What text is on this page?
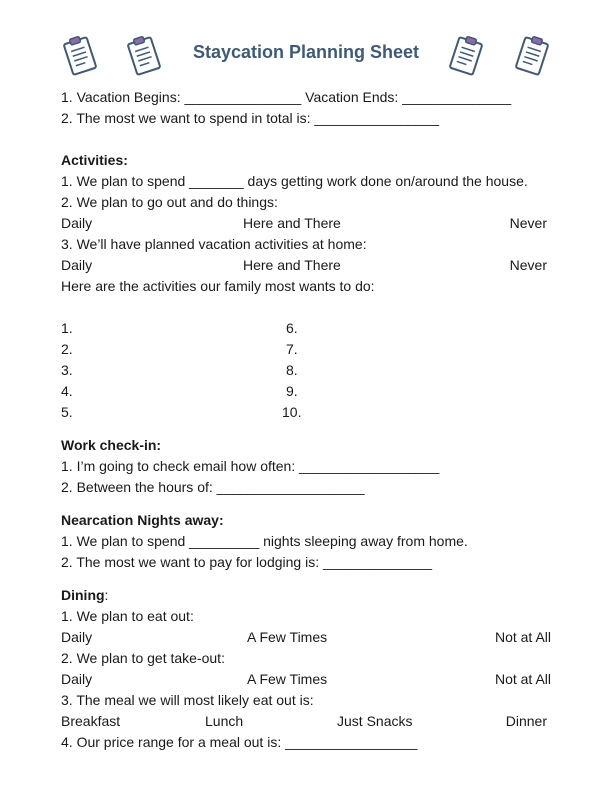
Staycation Planning Sheet
1. Vacation Begins: _______________ Vacation Ends: ______________
2. The most we want to spend in total is: ________________
Activities:
1. We plan to spend _______ days getting work done on/around the house.
2. We plan to go out and do things:
Daily	Here and There	Never
3. We’ll have planned vacation activities at home:
Daily	Here and There	Never
Here are the activities our family most wants to do:
1.	6.
2.	7.
3.	8.
4.	9.
5.	10.
Work check-in:
1. I’m going to check email how often: __________________
2. Between the hours of: ___________________
Nearcation Nights away:
1. We plan to spend _________ nights sleeping away from home.
2. The most we want to pay for lodging is: ______________
Dining:
1. We plan to eat out:
Daily	A Few Times	Not at All
2. We plan to get take-out:
Daily	A Few Times	Not at All
3. The meal we will most likely eat out is:
Breakfast	Lunch	Just Snacks	Dinner
4. Our price range for a meal out is: _________________
